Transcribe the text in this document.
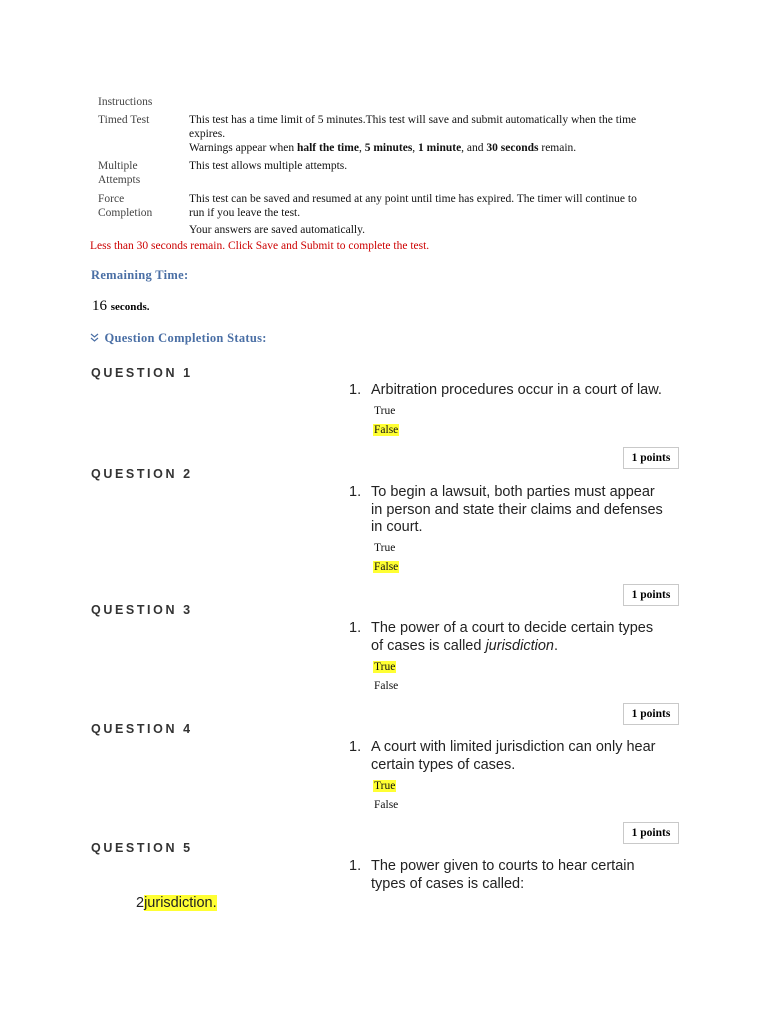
Instructions
Timed Test	This test has a time limit of 5 minutes.This test will save and submit automatically when the time
expires.
Warnings appear when half the time, 5 minutes, 1 minute, and 30 seconds remain.
Multiple
Attempts
This test allows multiple attempts.
Force
Completion
This test can be saved and resumed at any point until time has expired. The timer will continue to
run if you leave the test.
Your answers are saved automatically.
Less than 30 seconds remain. Click Save and Submit to complete the test.
Remaining Time:
16 seconds.
Question Completion Status:
QUESTION 1
1. Arbitration procedures occur in a court of law.
True
False
1 points
QUESTION 2
1. To begin a lawsuit, both parties must appear
in person and state their claims and defenses
in court.
True
False
1 points
QUESTION 3
1. The power of a court to decide certain types
of cases is called jurisdiction.
True
False
1 points
QUESTION 4
1. A court with limited jurisdiction can only hear
certain types of cases.
True
False
1 points
QUESTION 5
1. The power given to courts to hear certain
types of cases is called:
2jurisdiction.
